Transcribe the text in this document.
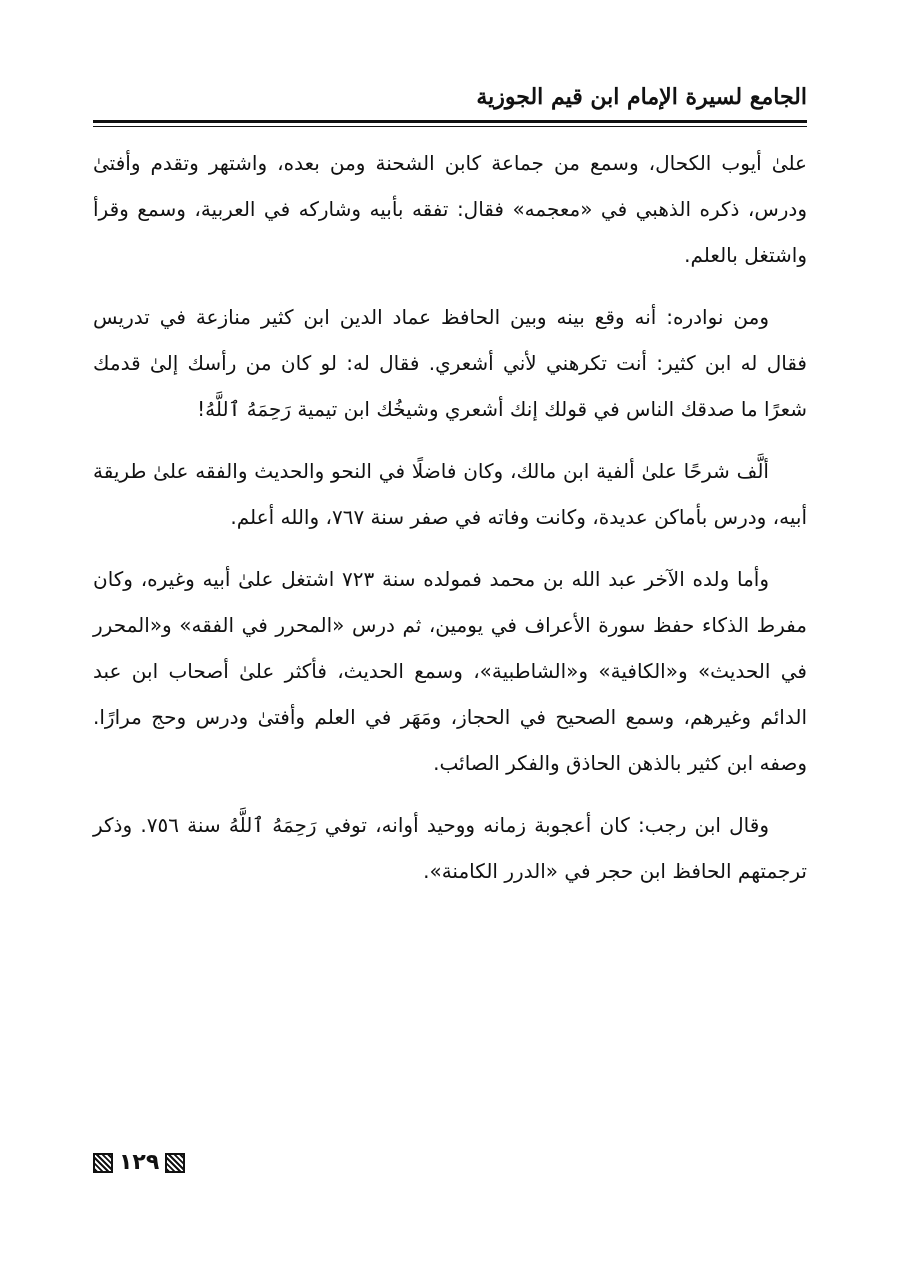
الجامع لسيرة الإمام ابن قيم الجوزية

علىٰ أيوب الكحال، وسمع من جماعة كابن الشحنة ومن بعده، واشتهر وتقدم وأفتىٰ ودرس، ذكره الذهبي في «معجمه» فقال: تفقه بأبيه وشاركه في العربية، وسمع وقرأ واشتغل بالعلم.

ومن نوادره: أنه وقع بينه وبين الحافظ عماد الدين ابن كثير منازعة في تدريس فقال له ابن كثير: أنت تكرهني لأني أشعري. فقال له: لو كان من رأسك إلىٰ قدمك شعرًا ما صدقك الناس في قولك إنك أشعري وشيخُك ابن تيمية رَحِمَهُ ٱللَّهُ!

ألَّف شرحًا علىٰ ألفية ابن مالك، وكان فاضلًا في النحو والحديث والفقه علىٰ طريقة أبيه، ودرس بأماكن عديدة، وكانت وفاته في صفر سنة ٧٦٧، والله أعلم.

وأما ولده الآخر عبد الله بن محمد فمولده سنة ٧٢٣ اشتغل علىٰ أبيه وغيره، وكان مفرط الذكاء حفظ سورة الأعراف في يومين، ثم درس «المحرر في الفقه» و«المحرر في الحديث» و«الكافية» و«الشاطبية»، وسمع الحديث، فأكثر علىٰ أصحاب ابن عبد الدائم وغيرهم، وسمع الصحيح في الحجاز، ومَهَر في العلم وأفتىٰ ودرس وحج مرارًا. وصفه ابن كثير بالذهن الحاذق والفكر الصائب.

وقال ابن رجب: كان أعجوبة زمانه ووحيد أوانه، توفي رَحِمَهُ ٱللَّهُ سنة ٧٥٦. وذكر ترجمتهم الحافظ ابن حجر في «الدرر الكامنة».

١٢٩
